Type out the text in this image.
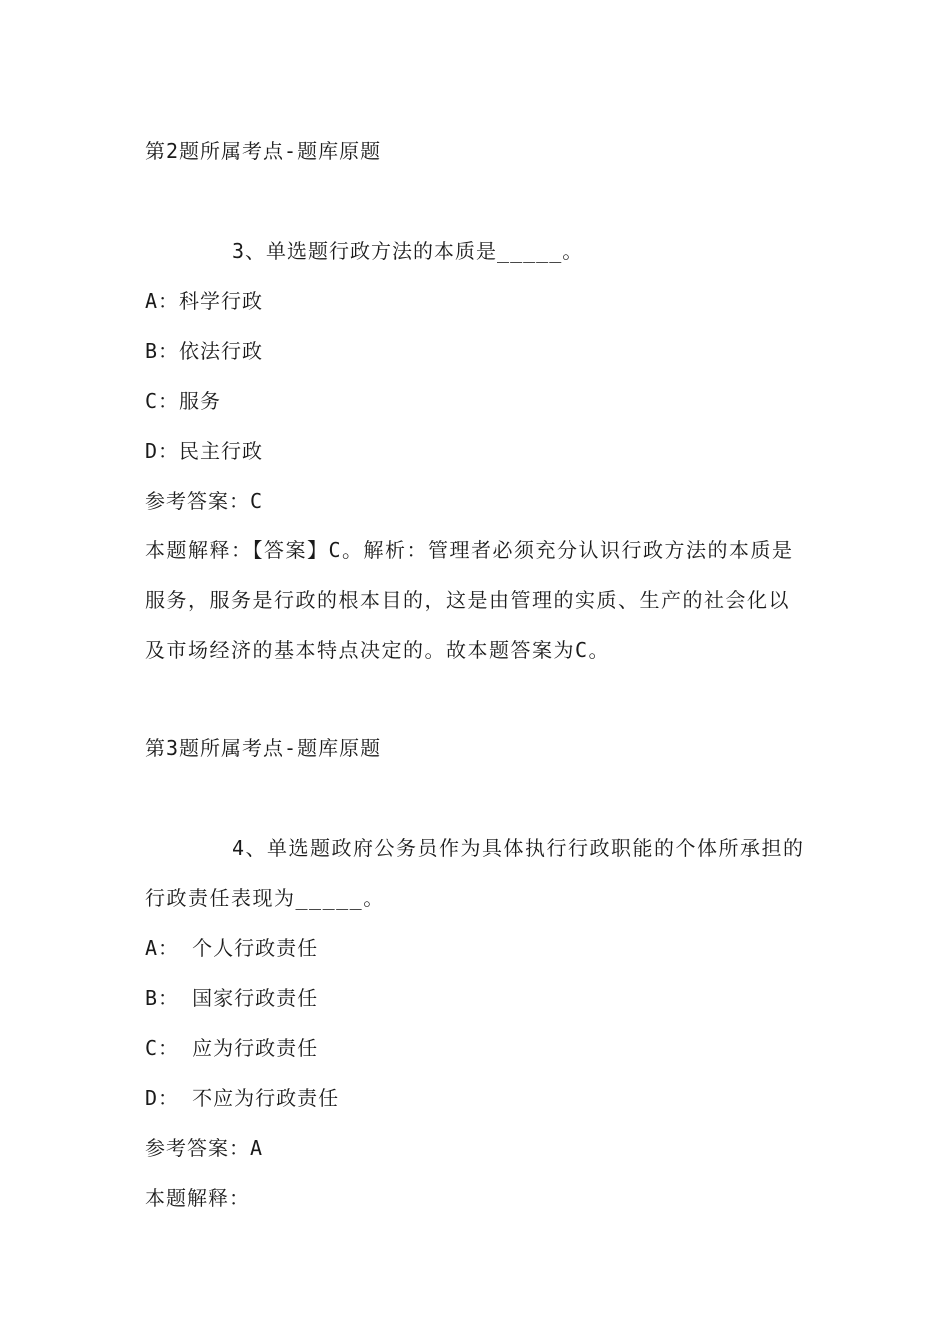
第2题所属考点-题库原题
3、单选题行政方法的本质是_____。
A：科学行政
B：依法行政
C：服务
D：民主行政
参考答案：C
本题解释：【答案】C。解析：管理者必须充分认识行政方法的本质是服务，服务是行政的根本目的，这是由管理的实质、生产的社会化以及市场经济的基本特点决定的。故本题答案为C。
第3题所属考点-题库原题
4、单选题政府公务员作为具体执行行政职能的个体所承担的行政责任表现为_____。
A： 个人行政责任
B： 国家行政责任
C： 应为行政责任
D： 不应为行政责任
参考答案：A
本题解释：
